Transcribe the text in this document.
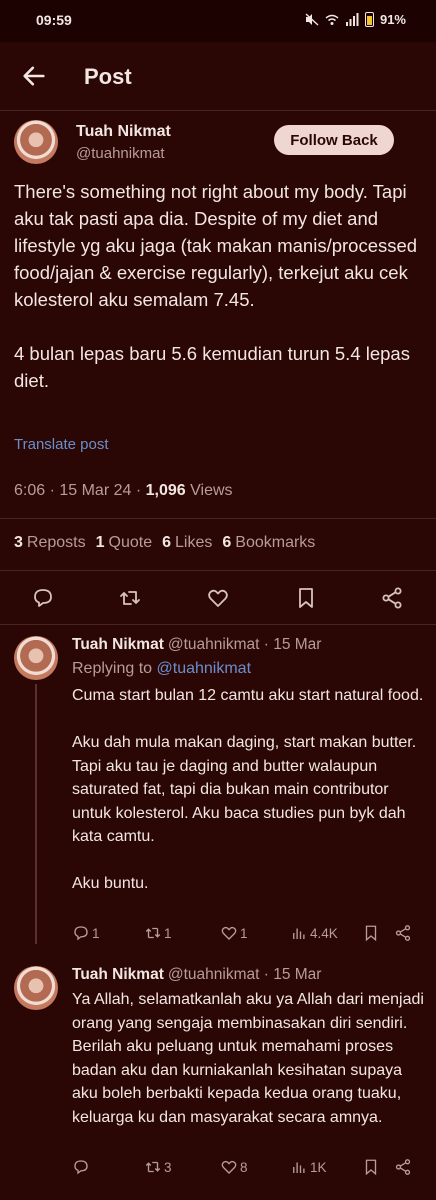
09:59	91%
Post
Tuah Nikmat
@tuahnikmat
Follow Back
There's something not right about my body. Tapi aku tak pasti apa dia. Despite of my diet and lifestyle yg aku jaga (tak makan manis/processed food/jajan & exercise regularly), terkejut aku cek kolesterol aku semalam 7.45.

4 bulan lepas baru 5.6 kemudian turun 5.4 lepas diet.
Translate post
6:06 · 15 Mar 24 · 1,096 Views
3 Reposts 1 Quote 6 Likes 6 Bookmarks
Tuah Nikmat @tuahnikmat · 15 Mar
Replying to @tuahnikmat
Cuma start bulan 12 camtu aku start natural food.

Aku dah mula makan daging, start makan butter. Tapi aku tau je daging and butter walaupun saturated fat, tapi dia bukan main contributor untuk kolesterol. Aku baca studies pun byk dah kata camtu.

Aku buntu.
1	1	1	4.4K
Tuah Nikmat @tuahnikmat · 15 Mar
Ya Allah, selamatkanlah aku ya Allah dari menjadi orang yang sengaja membinasakan diri sendiri. Berilah aku peluang untuk memahami proses badan aku dan kurniakanlah kesihatan supaya aku boleh berbakti kepada kedua orang tuaku, keluarga ku dan masyarakat secara amnya.
3	8	1K
